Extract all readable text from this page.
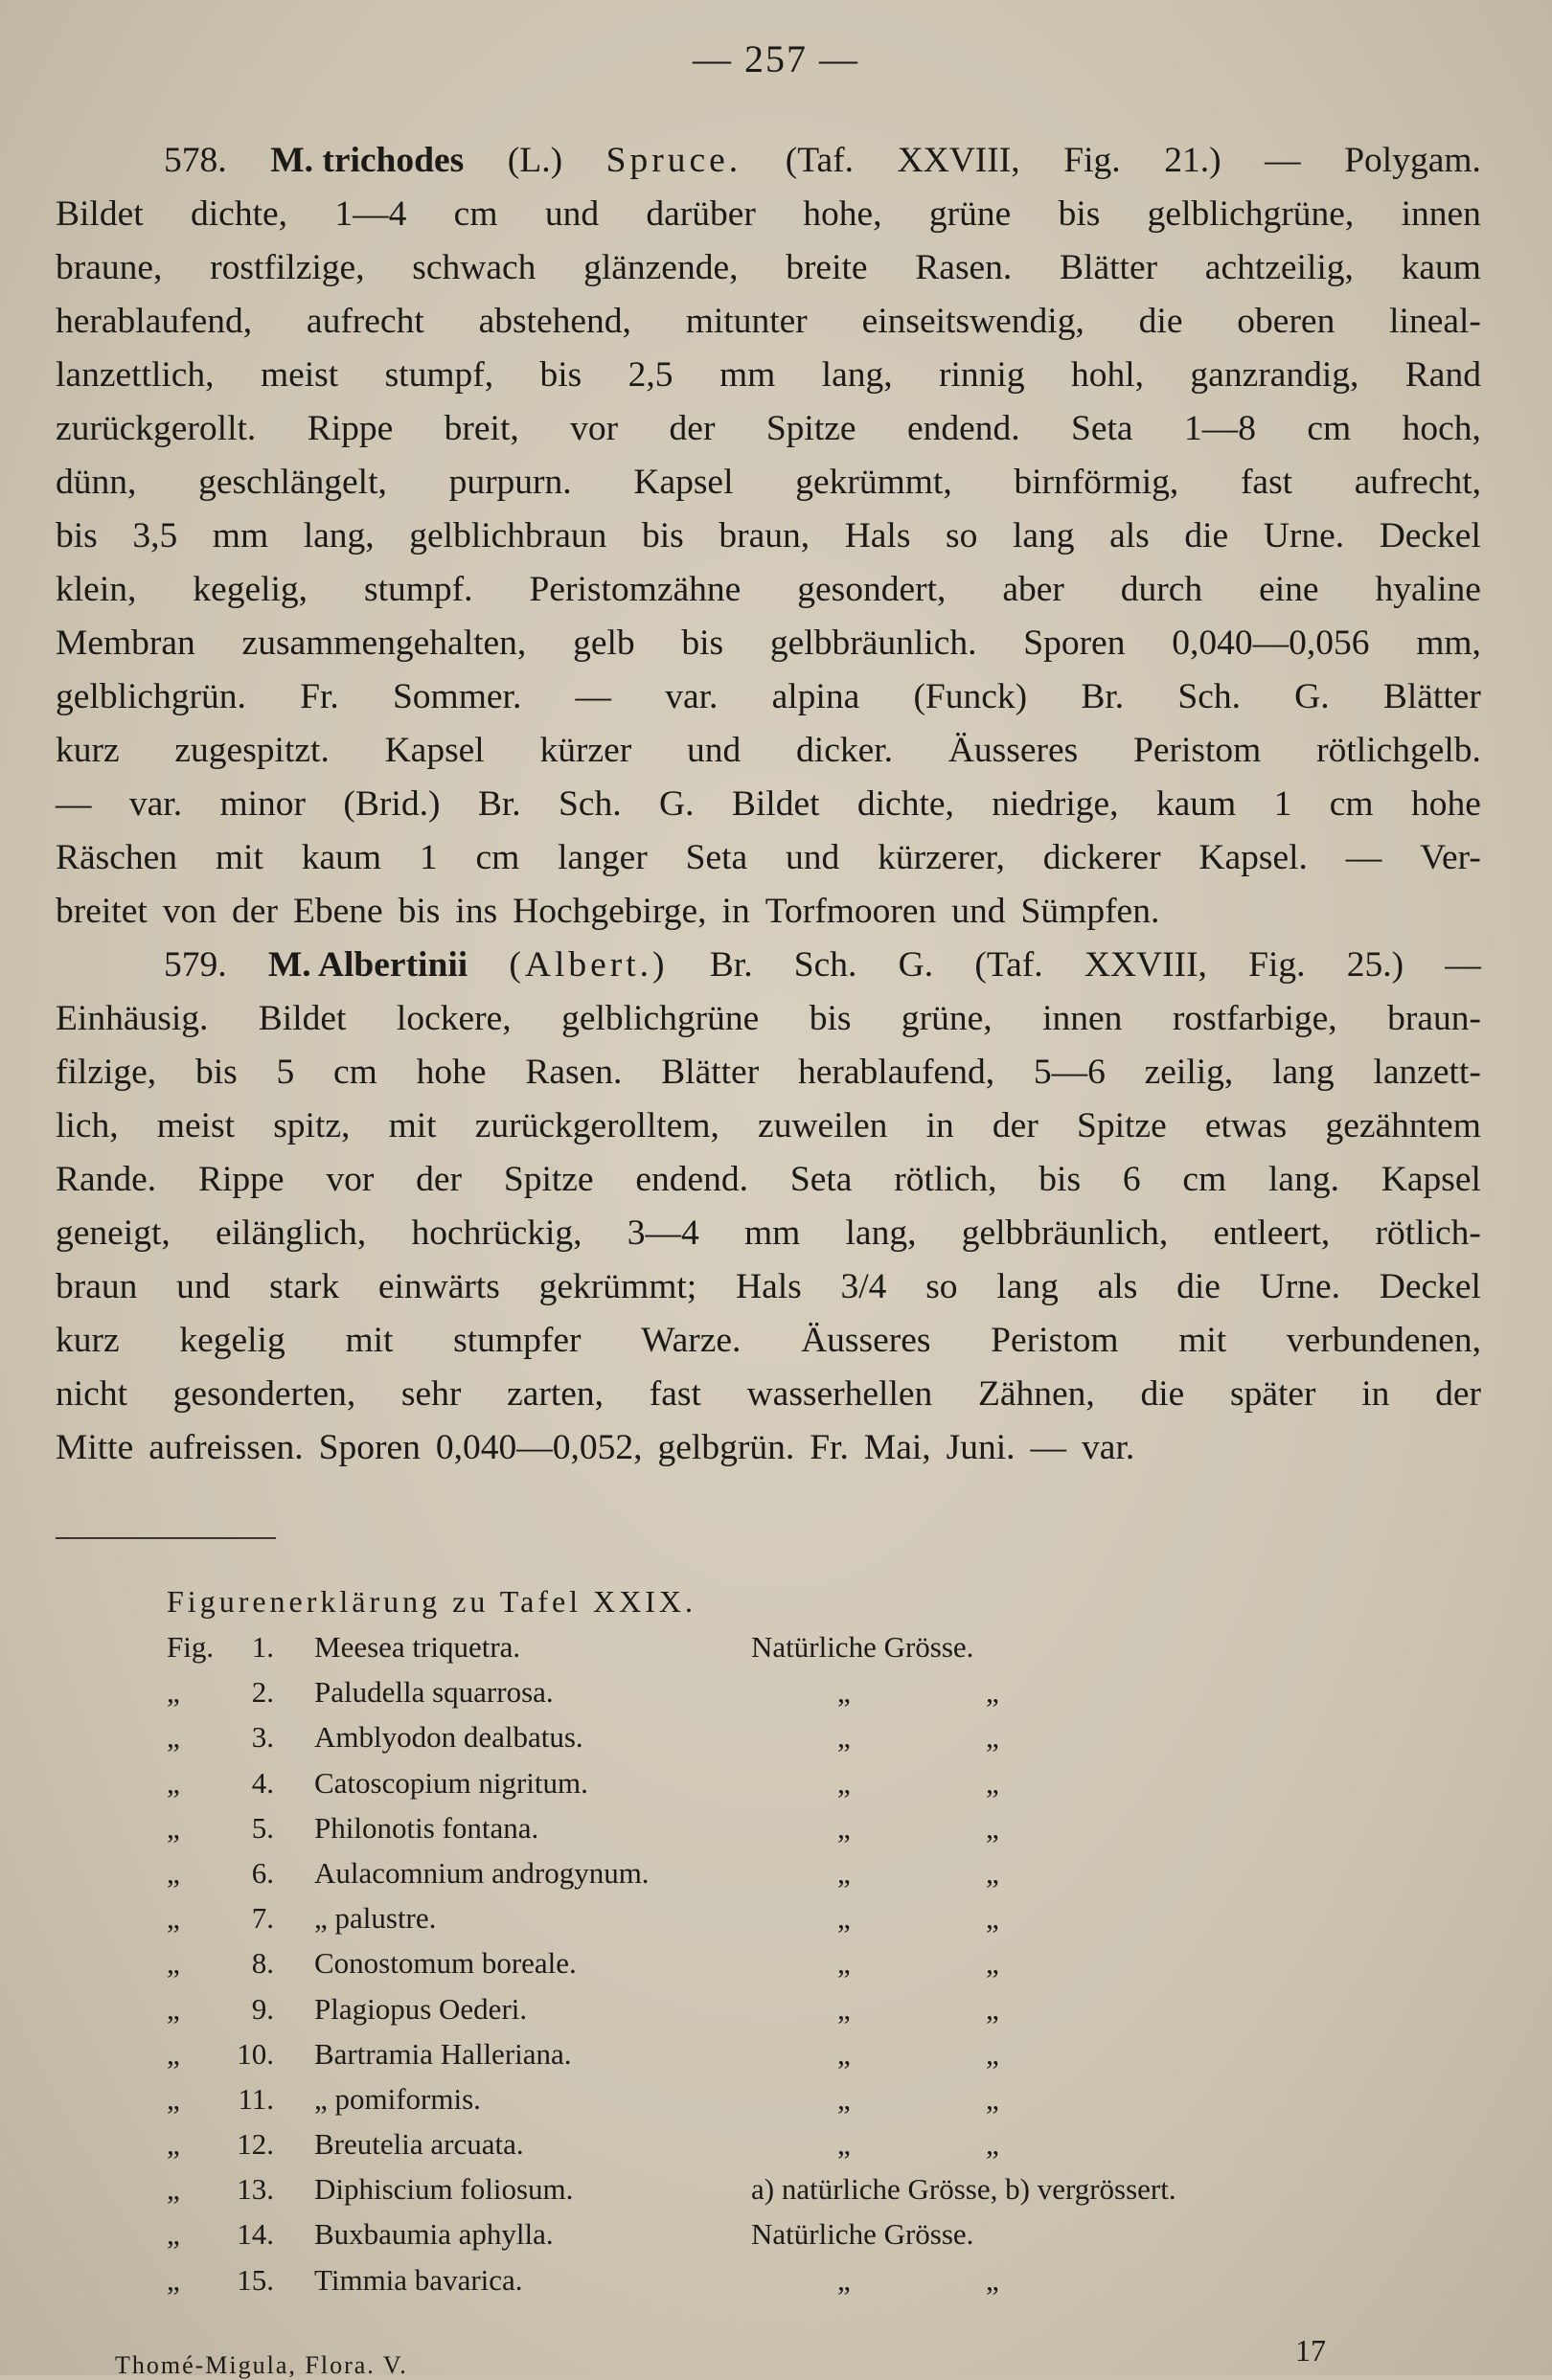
— 257 —
578. M. trichodes (L.) Spruce. (Taf. XXVIII, Fig. 21.) — Polygam.
Bildet dichte, 1—4 cm und darüber hohe, grüne bis gelblichgrüne, innen
braune, rostfilzige, schwach glänzende, breite Rasen. Blätter achtzeilig, kaum
herablaufend, aufrecht abstehend, mitunter einseitswendig, die oberen lineal-
lanzettlich, meist stumpf, bis 2,5 mm lang, rinnig hohl, ganzrandig, Rand
zurückgerollt. Rippe breit, vor der Spitze endend. Seta 1—8 cm hoch,
dünn, geschlängelt, purpurn. Kapsel gekrümmt, birnförmig, fast aufrecht,
bis 3,5 mm lang, gelblichbraun bis braun, Hals so lang als die Urne. Deckel
klein, kegelig, stumpf. Peristomzähne gesondert, aber durch eine hyaline
Membran zusammengehalten, gelb bis gelbbräunlich. Sporen 0,040—0,056 mm,
gelblichgrün. Fr. Sommer. — var. alpina (Funck) Br. Sch. G. Blätter
kurz zugespitzt. Kapsel kürzer und dicker. Äusseres Peristom rötlichgelb.
— var. minor (Brid.) Br. Sch. G. Bildet dichte, niedrige, kaum 1 cm hohe
Räschen mit kaum 1 cm langer Seta und kürzerer, dickerer Kapsel. — Ver-
breitet von der Ebene bis ins Hochgebirge, in Torfmooren und Sümpfen.
579. M. Albertinii (Albert.) Br. Sch. G. (Taf. XXVIII, Fig. 25.) —
Einhäusig. Bildet lockere, gelblichgrüne bis grüne, innen rostfarbige, braun-
filzige, bis 5 cm hohe Rasen. Blätter herablaufend, 5—6 zeilig, lang lanzett-
lich, meist spitz, mit zurückgerolltem, zuweilen in der Spitze etwas gezähntem
Rande. Rippe vor der Spitze endend. Seta rötlich, bis 6 cm lang. Kapsel
geneigt, eilänglich, hochrückig, 3—4 mm lang, gelbbräunlich, entleert, rötlich-
braun und stark einwärts gekrümmt; Hals 3/4 so lang als die Urne. Deckel
kurz kegelig mit stumpfer Warze. Äusseres Peristom mit verbundenen,
nicht gesonderten, sehr zarten, fast wasserhellen Zähnen, die später in der
Mitte aufreissen. Sporen 0,040—0,052, gelbgrün. Fr. Mai, Juni. — var.
Figurenerklärung zu Tafel XXIX.
Fig.	1. Meesea triquetra.	Natürliche Grösse.
„	2. Paludella squarrosa.	„	„
„	3. Amblyodon dealbatus.	„	„
„	4. Catoscopium nigritum.	„	„
„	5. Philonotis fontana.	„	„
„	6. Aulacomnium androgynum.	„	„
„	7. „ palustre.	„	„
„	8. Conostomum boreale.	„	„
„	9. Plagiopus Oederi.	„	„
„	10. Bartramia Halleriana.	„	„
„	11. „ pomiformis.	„	„
„	12. Breutelia arcuata.	„	„
„	13. Diphiscium foliosum.	a) natürliche Grösse, b) vergrössert.
„	14. Buxbaumia aphylla.	Natürliche Grösse.
„	15. Timmia bavarica.	„	„
Thomé-Migula, Flora. V.	17
